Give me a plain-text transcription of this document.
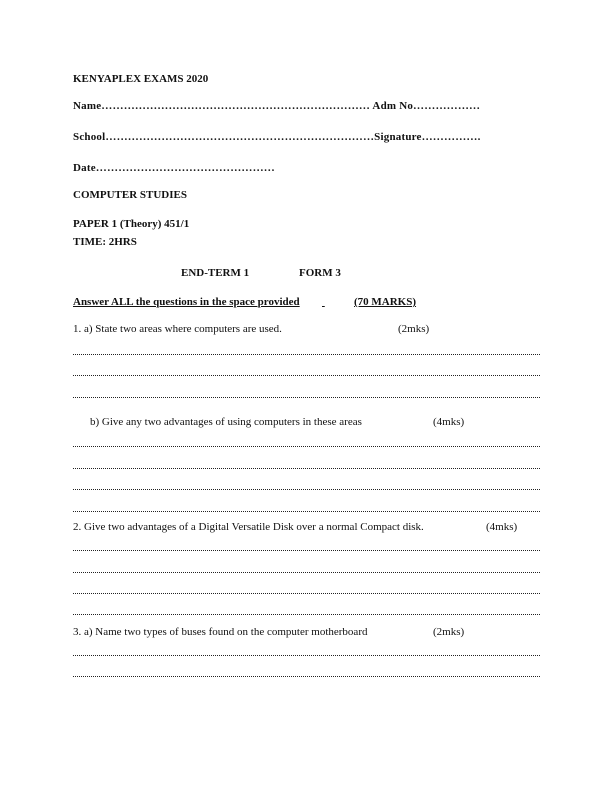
KENYAPLEX EXAMS 2020
Name……………………………………………………………… Adm No………………
School………………………………………………………………Signature…………….
Date…………………………………………
COMPUTER STUDIES
PAPER 1 (Theory) 451/1
TIME: 2HRS
END-TERM 1	FORM 3
Answer ALL the questions in the space provided
	(70 MARKS)
1. a) State two areas where computers are used.	(2mks)
b) Give any two advantages of using computers in these areas	(4mks)
2. Give two advantages of a Digital Versatile Disk over a normal Compact disk.	(4mks)
3. a) Name two types of buses found on the computer motherboard	(2mks)
